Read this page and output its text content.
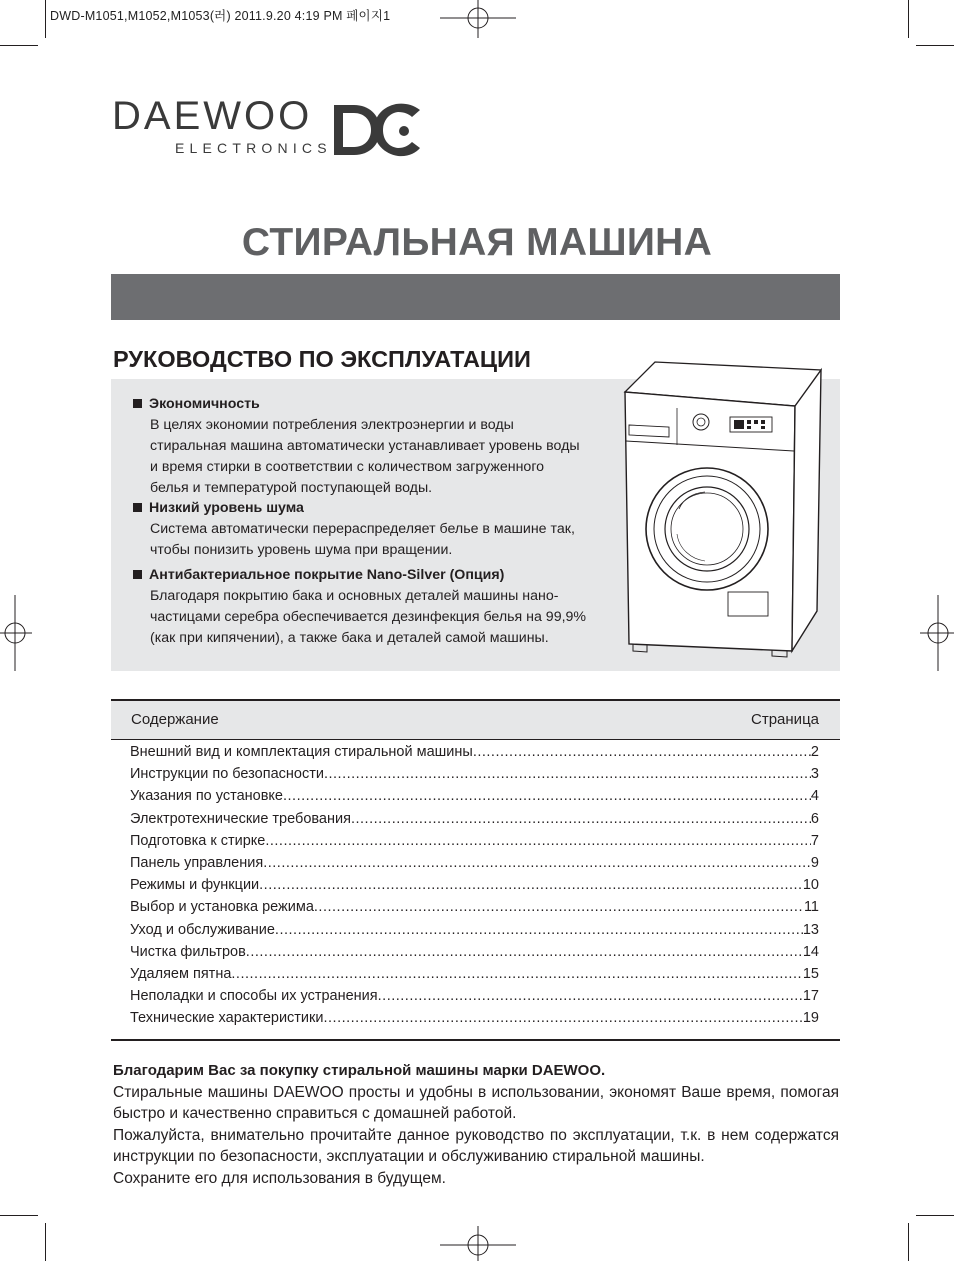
DWD-M1051,M1052,M1053(러) 2011.9.20 4:19 PM 페이지1
DAEWOO
ELECTRONICS
СТИРАЛЬНАЯ МАШИНА
РУКОВОДСТВО ПО ЭКСПЛУАТАЦИИ
Экономичность
В целях экономии потребления электроэнергии и воды
стиральная машина автоматически устанавливает уровень воды
и время стирки в соответствии с количеством загруженного
белья и температурой поступающей воды.
Низкий уровень шума
Система автоматически перераспределяет белье в машине так,
чтобы понизить уровень шума при вращении.
Антибактериальное покрытие Nano-Silver (Опция)
Благодаря покрытию бака и основных деталей машины нано-
частицами серебра обеспечивается дезинфекция белья на 99,9%
(как при кипячении), а также бака и деталей самой машины.
Содержание	Страница
Внешний вид и комплектация стиральной машины .....	2
Инструкции по безопасности .....	3
Указания по установке .....	4
Электротехнические требования .....	6
Подготовка к стирке .....	7
Панель управления .....	9
Режимы и функции .....	10
Выбор и установка режима .....	11
Уход и обслуживание .....	13
Чистка фильтров .....	14
Удаляем пятна .....	15
Неполадки и способы их устранения .....	17
Технические характеристики .....	19
Благодарим Вас за покупку стиральной машины марки DAEWOO.
Стиральные машины DAEWOO просты и удобны в использовании, экономят Ваше время, помогая быстро и качественно справиться с домашней работой.
Пожалуйста, внимательно прочитайте данное руководство по эксплуатации, т.к. в нем содержатся инструкции по безопасности, эксплуатации и обслуживанию стиральной машины.
Сохраните его для использования в будущем.
